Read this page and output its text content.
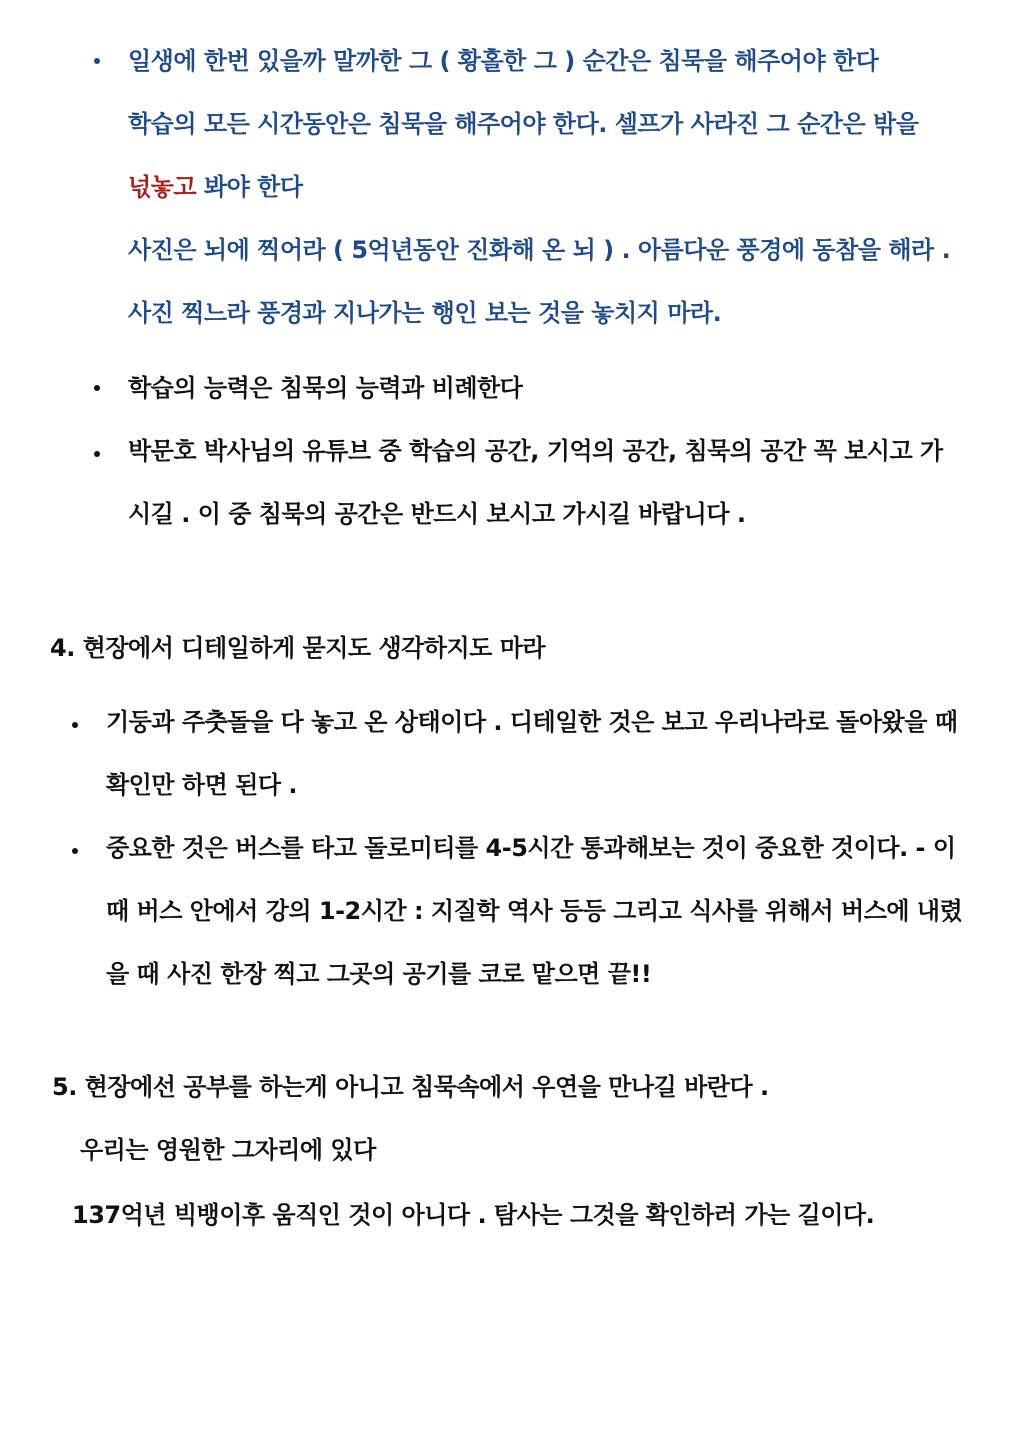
일생에 한번 있을까 말까한 그 ( 황홀한 그 ) 순간은 침묵을 해주어야 한다
학습의 모든 시간동안은 침묵을 해주어야 한다. 셀프가 사라진 그 순간은 밖을
넋놓고 봐야 한다
사진은 뇌에 찍어라 ( 5억년동안 진화해 온 뇌 ) . 아름다운 풍경에 동참을 해라 .
사진 찍느라 풍경과 지나가는 행인 보는 것을 놓치지 마라.
학습의 능력은 침묵의 능력과 비례한다
박문호 박사님의 유튜브 중 학습의 공간, 기억의 공간, 침묵의 공간 꼭 보시고 가
시길 . 이 중 침묵의 공간은 반드시 보시고 가시길 바랍니다 .
4. 현장에서 디테일하게 묻지도 생각하지도 마라
기둥과 주춧돌을 다 놓고 온 상태이다 . 디테일한 것은 보고 우리나라로 돌아왔을 때
확인만 하면 된다 .
중요한 것은 버스를 타고 돌로미티를 4-5시간 통과해보는 것이 중요한 것이다. - 이
때 버스 안에서 강의 1-2시간 : 지질학 역사 등등 그리고 식사를 위해서 버스에 내렸
을 때 사진 한장 찍고 그곳의 공기를 코로 맡으면 끝!!
5. 현장에선 공부를 하는게 아니고 침묵속에서 우연을 만나길 바란다 .
우리는 영원한 그자리에 있다
137억년 빅뱅이후 움직인 것이 아니다 . 탐사는 그것을 확인하러 가는 길이다.
